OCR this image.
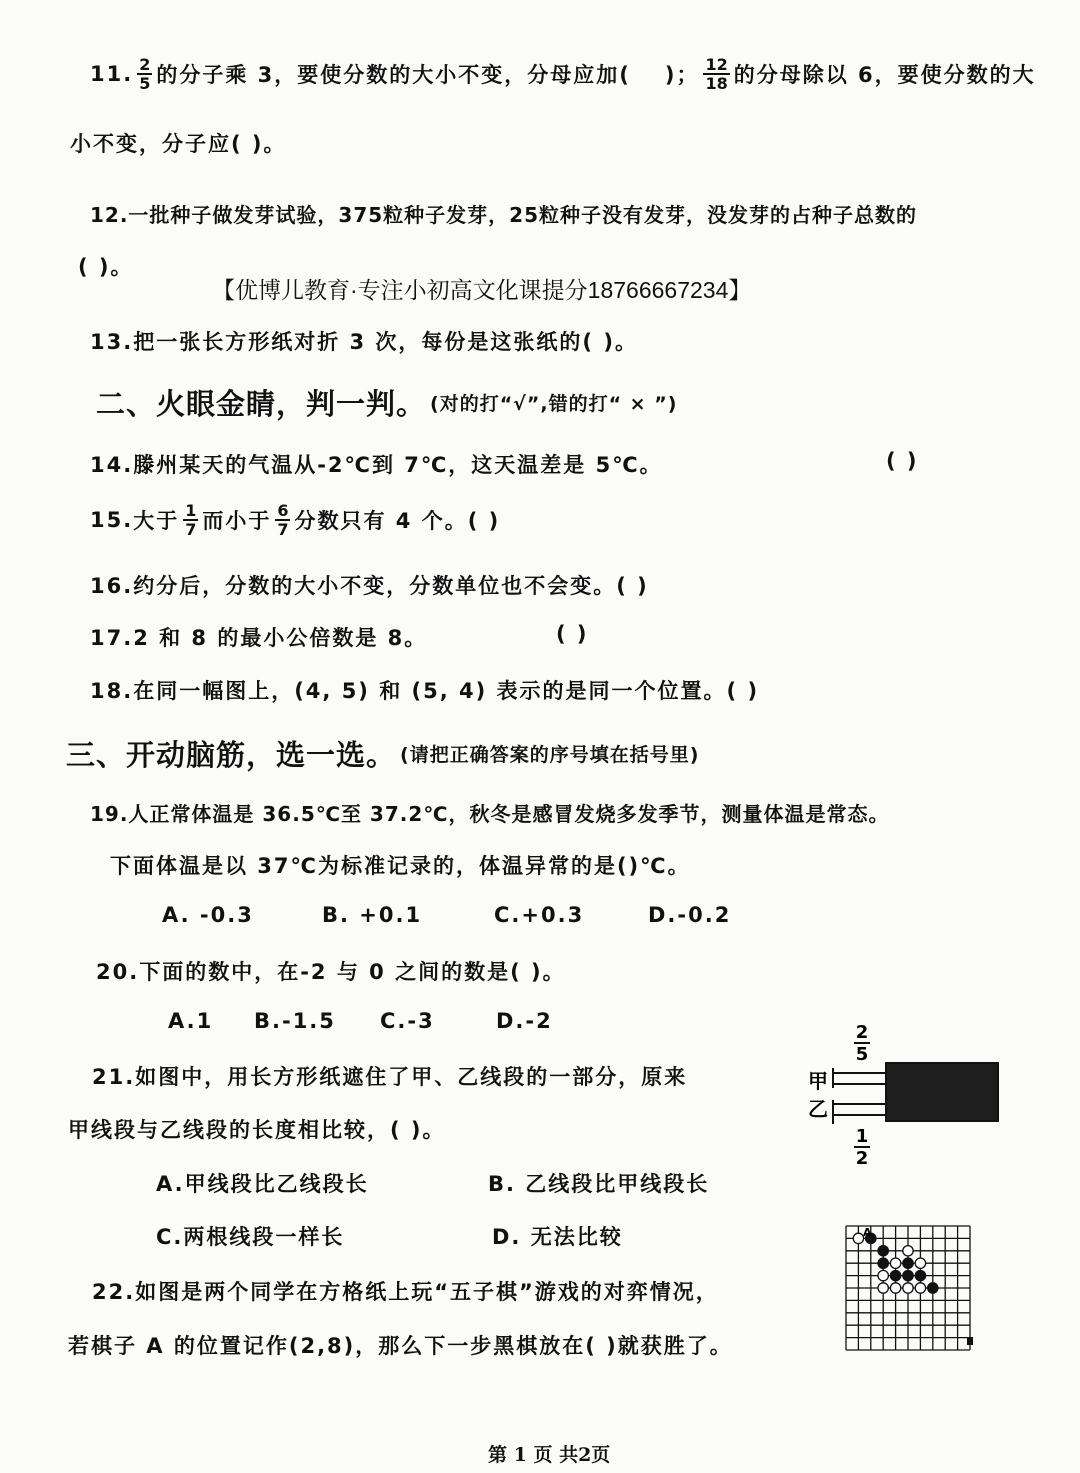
11. $\frac{2}{5}$ 的分子乘 3，要使分数的大小不变，分母应加( )； $\frac{12}{18}$ 的分母除以 6，要使分数的大
小不变，分子应( )。
12.一批种子做发芽试验，375粒种子发芽，25粒种子没有发芽，没发芽的占种子总数的
( )。
【优博儿教育·专注小初高文化课提分18766667234】
13.把一张长方形纸对折 3 次，每份是这张纸的( )。
二、火眼金睛，判一判。 (对的打“√”,错的打“ × ”)
14.滕州某天的气温从-2℃到 7℃，这天温差是 5℃。	( )
15. 大于 $\frac{1}{7}$ 而小于 $\frac{6}{7}$ 分数只有 4 个。( )
16.约分后，分数的大小不变，分数单位也不会变。( )
17.2 和 8 的最小公倍数是 8。	( )
18.在同一幅图上，(4, 5) 和 (5, 4) 表示的是同一个位置。( )
三、开动脑筋，选一选。 (请把正确答案的序号填在括号里)
19.人正常体温是 36.5℃至 37.2℃，秋冬是感冒发烧多发季节，测量体温是常态。
下面体温是以 37℃为标准记录的，体温异常的是()℃。
A. -0.3	B. +0.1	C.+0.3	D.-0.2
20.下面的数中，在-2 与 0 之间的数是( )。
A.1 B.-1.5 C.-3	D.-2
21.如图中，用长方形纸遮住了甲、乙线段的一部分，原来
甲线段与乙线段的长度相比较，( )。
A.甲线段比乙线段长	B. 乙线段比甲线段长
C.两根线段一样长	D. 无法比较
2
5
甲
乙
1
2
22.如图是两个同学在方格纸上玩“五子棋”游戏的对弈情况，
若棋子 A 的位置记作(2,8)，那么下一步黑棋放在( )就获胜了。
A
第 1 页 共2页
